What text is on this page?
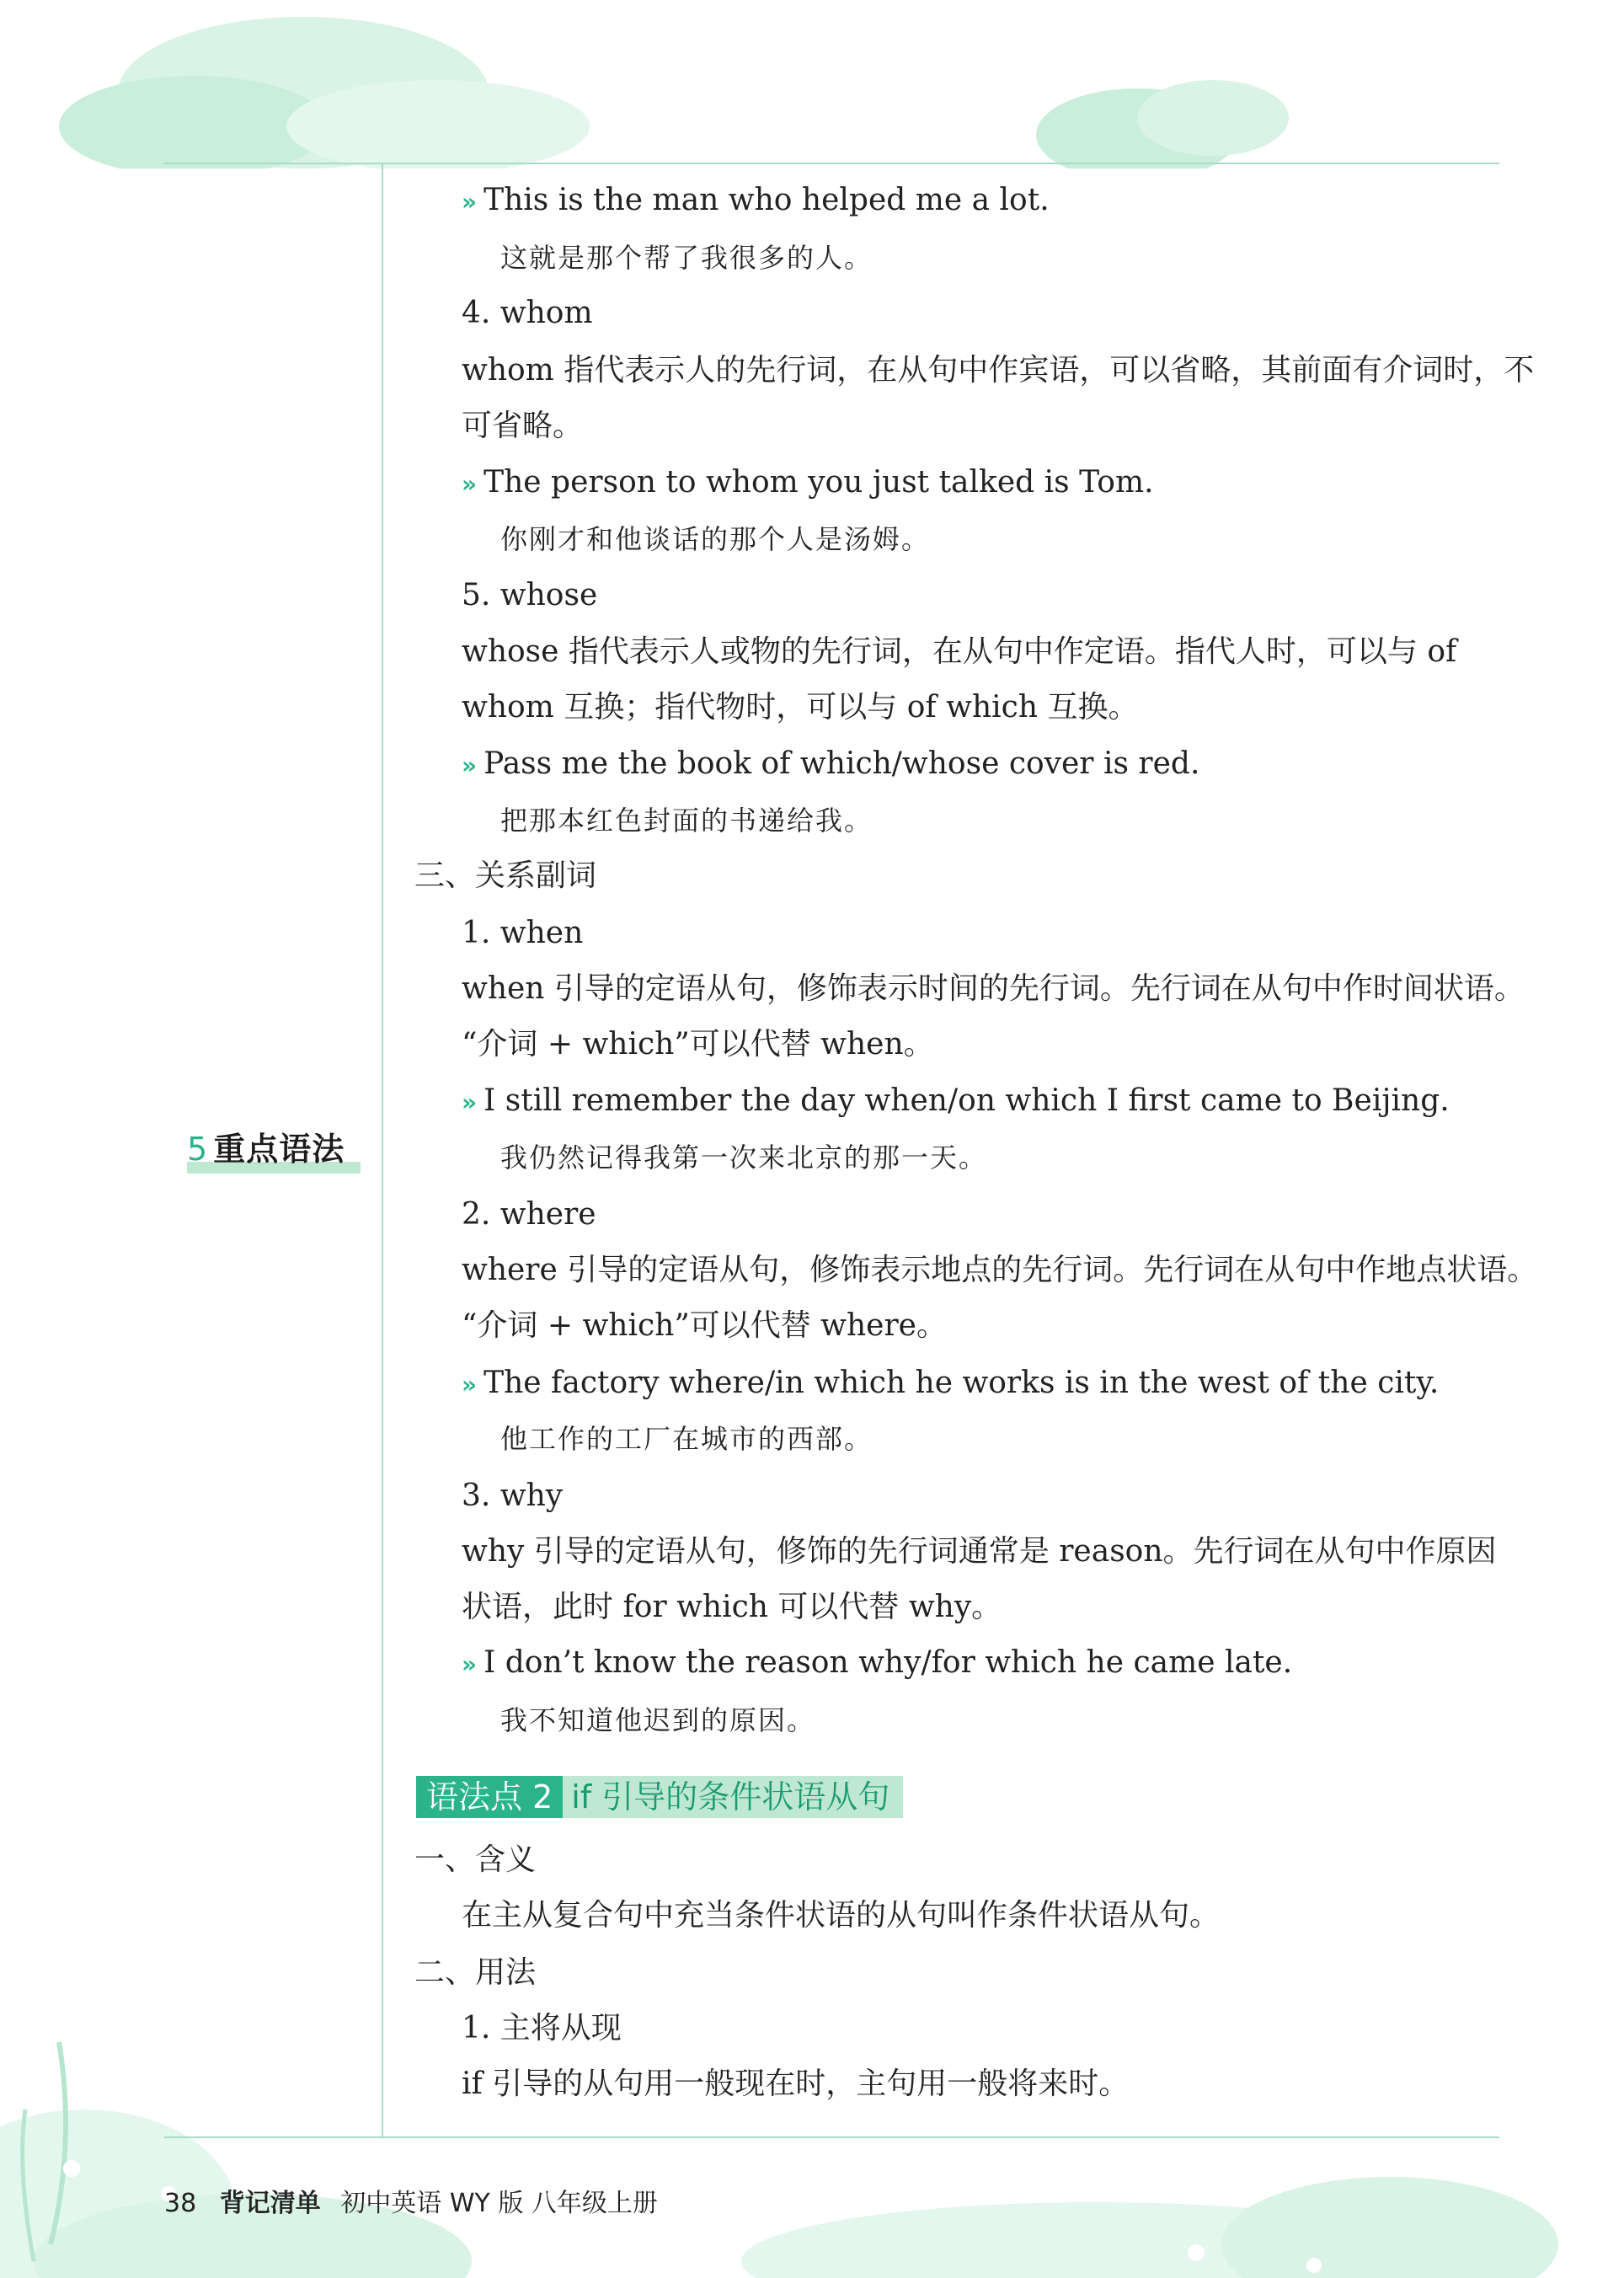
5 重点语法
» This is the man who helped me a lot.
这就是那个帮了我很多的人。
4. whom
whom 指代表示人的先行词，在从句中作宾语，可以省略，其前面有介词时，不
可省略。
» The person to whom you just talked is Tom.
你刚才和他谈话的那个人是汤姆。
5. whose
whose 指代表示人或物的先行词，在从句中作定语。指代人时，可以与 of
whom 互换；指代物时，可以与 of which 互换。
» Pass me the book of which/whose cover is red.
把那本红色封面的书递给我。
三、关系副词
1. when
when 引导的定语从句，修饰表示时间的先行词。先行词在从句中作时间状语。
“介词 + which”可以代替 when。
» I still remember the day when/on which I first came to Beijing.
我仍然记得我第一次来北京的那一天。
2. where
where 引导的定语从句，修饰表示地点的先行词。先行词在从句中作地点状语。
“介词 + which”可以代替 where。
» The factory where/in which he works is in the west of the city.
他工作的工厂在城市的西部。
3. why
why 引导的定语从句，修饰的先行词通常是 reason。先行词在从句中作原因
状语，此时 for which 可以代替 why。
» I don’t know the reason why/for which he came late.
我不知道他迟到的原因。
一、含义
在主从复合句中充当条件状语的从句叫作条件状语从句。
二、用法
1. 主将从现
if 引导的从句用一般现在时，主句用一般将来时。
语法点 2 if 引导的条件状语从句
38 背记清单 初中英语 WY 版 八年级上册
